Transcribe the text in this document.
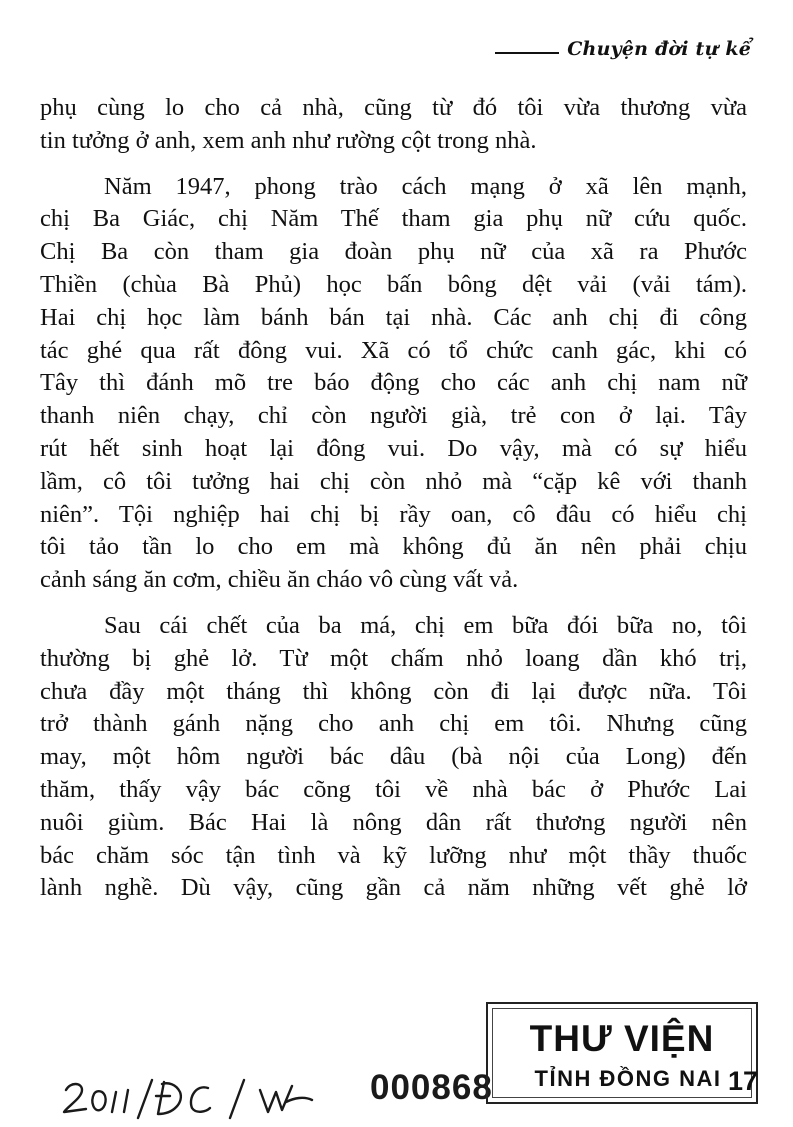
Chuyện đời tự kể
phụ cùng lo cho cả nhà, cũng từ đó tôi vừa thương vừa
tin tưởng ở anh, xem anh như rường cột trong nhà.
Năm 1947, phong trào cách mạng ở xã lên mạnh,
chị Ba Giác, chị Năm Thế tham gia phụ nữ cứu quốc.
Chị Ba còn tham gia đoàn phụ nữ của xã ra Phước
Thiền (chùa Bà Phủ) học bấn bông dệt vải (vải tám).
Hai chị học làm bánh bán tại nhà. Các anh chị đi công
tác ghé qua rất đông vui. Xã có tổ chức canh gác, khi có
Tây thì đánh mõ tre báo động cho các anh chị nam nữ
thanh niên chạy, chỉ còn người già, trẻ con ở lại. Tây
rút hết sinh hoạt lại đông vui. Do vậy, mà có sự hiểu
lầm, cô tôi tưởng hai chị còn nhỏ mà “cặp kê với thanh
niên”. Tội nghiệp hai chị bị rầy oan, cô đâu có hiểu chị
tôi tảo tần lo cho em mà không đủ ăn nên phải chịu
cảnh sáng ăn cơm, chiều ăn cháo vô cùng vất vả.
Sau cái chết của ba má, chị em bữa đói bữa no, tôi
thường bị ghẻ lở. Từ một chấm nhỏ loang dần khó trị,
chưa đầy một tháng thì không còn đi lại được nữa. Tôi
trở thành gánh nặng cho anh chị em tôi. Nhưng cũng
may, một hôm người bác dâu (bà nội của Long) đến
thăm, thấy vậy bác cõng tôi về nhà bác ở Phước Lai
nuôi giùm. Bác Hai là nông dân rất thương người nên
bác chăm sóc tận tình và kỹ lưỡng như một thầy thuốc
lành nghề. Dù vậy, cũng gần cả năm những vết ghẻ lở
000868
THƯ VIỆN
TỈNH ĐỒNG NAI 17
